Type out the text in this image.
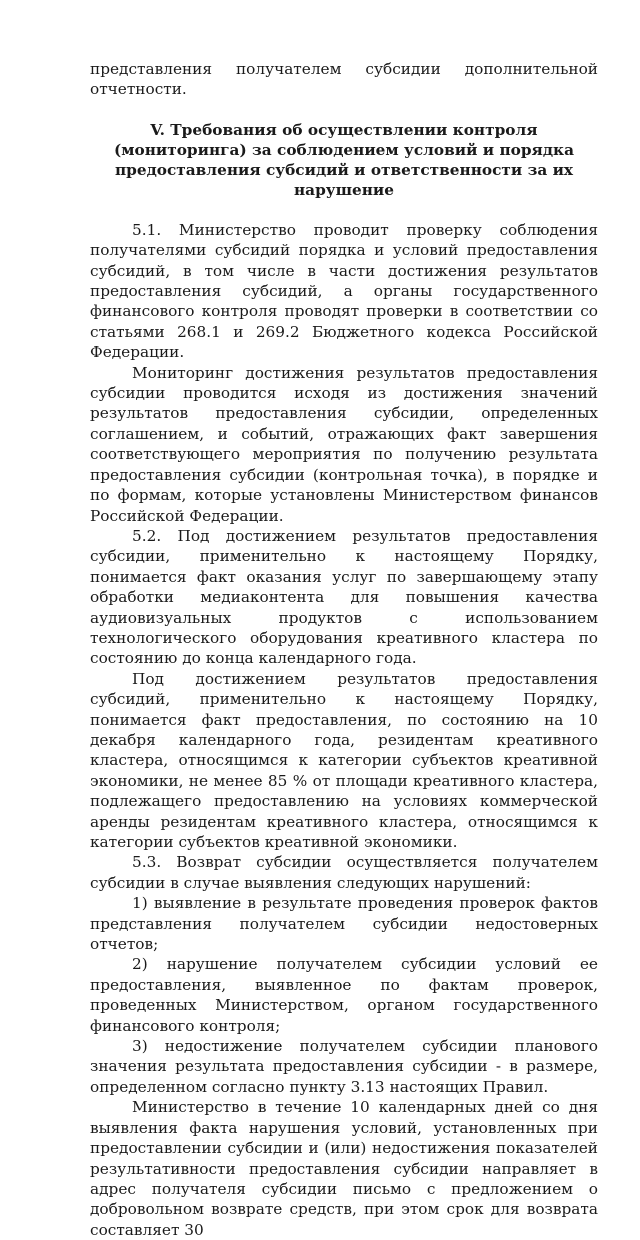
представления получателем субсидии дополнительной отчетности.

V. Требования об осуществлении контроля (мониторинга) за соблюдением условий и порядка предоставления субсидий и ответственности за их нарушение

5.1. Министерство проводит проверку соблюдения получателями субсидий порядка и условий предоставления субсидий, в том числе в части достижения результатов предоставления субсидий, а органы государственного финансового контроля проводят проверки в соответствии со статьями 268.1 и 269.2 Бюджетного кодекса Российской Федерации.

Мониторинг достижения результатов предоставления субсидии проводится исходя из достижения значений результатов предоставления субсидии, определенных соглашением, и событий, отражающих факт завершения соответствующего мероприятия по получению результата предоставления субсидии (контрольная точка), в порядке и по формам, которые установлены Министерством финансов Российской Федерации.

5.2. Под достижением результатов предоставления субсидии, применительно к настоящему Порядку, понимается факт оказания услуг по завершающему этапу обработки медиаконтента для повышения качества аудиовизуальных продуктов с использованием технологического оборудования креативного кластера по состоянию до конца календарного года.

Под достижением результатов предоставления субсидий, применительно к настоящему Порядку, понимается факт предоставления, по состоянию на 10 декабря календарного года, резидентам креативного кластера, относящимся к категории субъектов креативной экономики, не менее 85 % от площади креативного кластера, подлежащего предоставлению на условиях коммерческой аренды резидентам креативного кластера, относящимся к категории субъектов креативной экономики.

5.3. Возврат субсидии осуществляется получателем субсидии в случае выявления следующих нарушений:

1) выявление в результате проведения проверок фактов представления получателем субсидии недостоверных отчетов;

2) нарушение получателем субсидии условий ее предоставления, выявленное по фактам проверок, проведенных Министерством, органом государственного финансового контроля;

3) недостижение получателем субсидии планового значения результата предоставления субсидии - в размере, определенном согласно пункту 3.13 настоящих Правил.

Министерство в течение 10 календарных дней со дня выявления факта нарушения условий, установленных при предоставлении субсидии и (или) недостижения показателей результативности предоставления субсидии направляет в адрес получателя субсидии письмо с предложением о добровольном возврате средств, при этом срок для возврата составляет 30
